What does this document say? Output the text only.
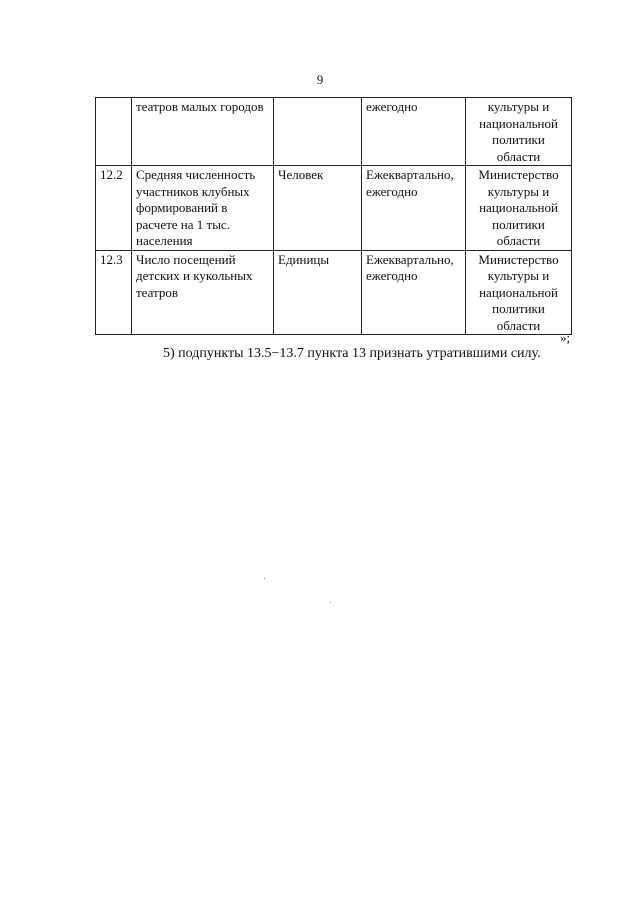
9
	театров малых городов		ежегодно	культуры и национальной политики области
12.2	Средняя численность участников клубных формирований в расчете на 1 тыс. населения	Человек	Ежеквартально, ежегодно	Министерство культуры и национальной политики области
12.3	Число посещений детских и кукольных театров	Единицы	Ежеквартально, ежегодно	Министерство культуры и национальной политики области
»;
5) подпункты 13.5−13.7 пункта 13 признать утратившими силу.
